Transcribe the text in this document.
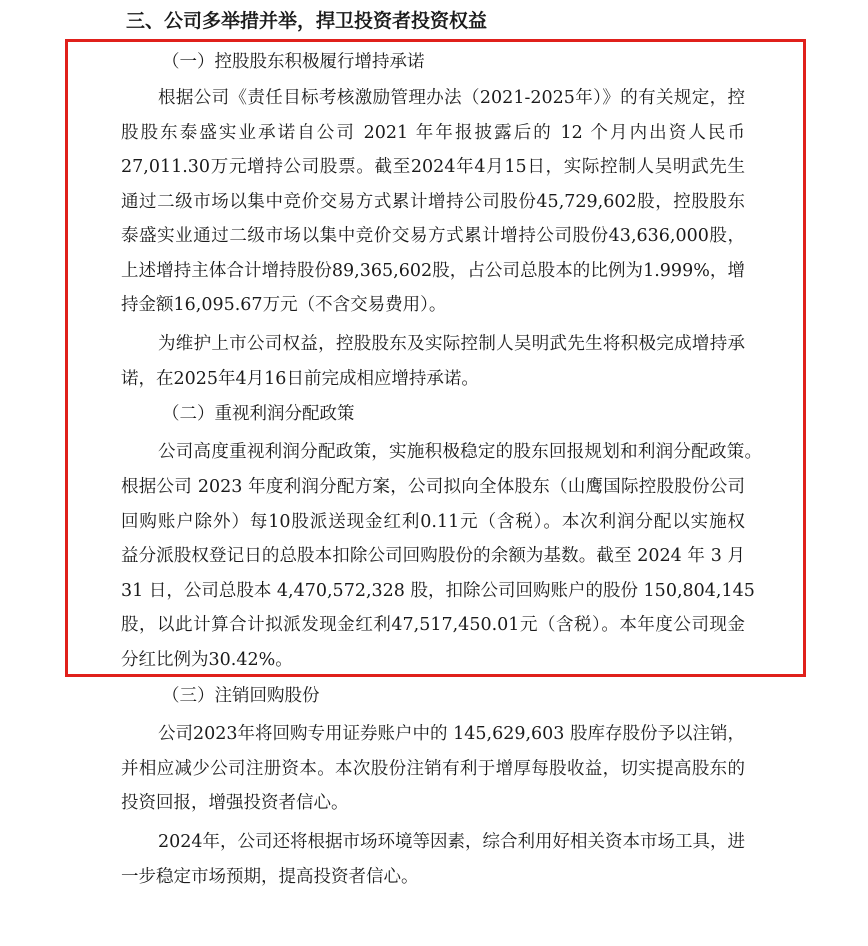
三、公司多举措并举，捍卫投资者投资权益

（一）控股股东积极履行增持承诺

根据公司《责任目标考核激励管理办法（2021-2025年）》的有关规定，控

股股东泰盛实业承诺自公司 2021 年年报披露后的 12 个月内出资人民币

27,011.30万元增持公司股票。截至2024年4月15日，实际控制人吴明武先生

通过二级市场以集中竞价交易方式累计增持公司股份45,729,602股，控股股东

泰盛实业通过二级市场以集中竞价交易方式累计增持公司股份43,636,000股，

上述增持主体合计增持股份89,365,602股，占公司总股本的比例为1.999%，增

持金额16,095.67万元（不含交易费用）。

为维护上市公司权益，控股股东及实际控制人吴明武先生将积极完成增持承

诺，在2025年4月16日前完成相应增持承诺。

（二）重视利润分配政策

公司高度重视利润分配政策，实施积极稳定的股东回报规划和利润分配政策。

根据公司 2023 年度利润分配方案，公司拟向全体股东（山鹰国际控股股份公司

回购账户除外）每10股派送现金红利0.11元（含税）。本次利润分配以实施权

益分派股权登记日的总股本扣除公司回购股份的余额为基数。截至 2024 年 3 月

31 日，公司总股本 4,470,572,328 股，扣除公司回购账户的股份 150,804,145

股，以此计算合计拟派发现金红利47,517,450.01元（含税）。本年度公司现金

分红比例为30.42%。

（三）注销回购股份

公司2023年将回购专用证券账户中的 145,629,603 股库存股份予以注销，

并相应减少公司注册资本。本次股份注销有利于增厚每股收益，切实提高股东的

投资回报，增强投资者信心。

2024年，公司还将根据市场环境等因素，综合利用好相关资本市场工具，进

一步稳定市场预期，提高投资者信心。
